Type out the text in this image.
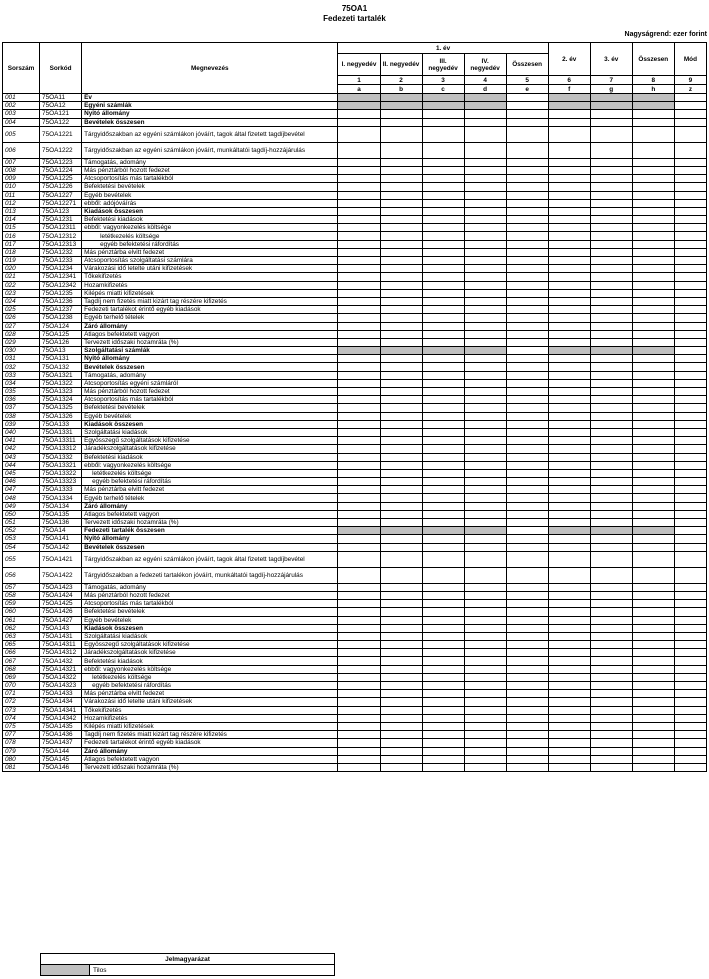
75OA1
Fedezeti tartalék
Nagyságrend: ezer forint
Sorszám	Sorkód	Megnevezés	1. év					2. év	3. év	Összesen	Mód
			I. negyedév	II. negyedév	III. negyedév	IV. negyedév	Összesen				
			1	2	3	4	5	6	7	8	9
			a	b	c	d	e	f	g	h	z
001	75OA11	Év									
002	75OA12	Egyéni számlák									
003	75OA121	Nyitó állomány									
004	75OA122	Bevételek összesen									
005	75OA1221	Tárgyidőszakban az egyéni számlákon jóváírt, tagok által fizetett tagdíjbevétel									
006	75OA1222	Tárgyidőszakban az egyéni számlákon jóváírt, munkáltatói tagdíj-hozzájárulás									
007	75OA1223	Támogatás, adomány									
008	75OA1224	Más pénztárból hozott fedezet									
009	75OA1225	Átcsoportosítás más tartalékból									
010	75OA1226	Befektetési bevételek									
011	75OA1227	Egyéb bevételek									
012	75OA12271	ebből: adójóváírás									
013	75OA123	Kiadások összesen									
014	75OA1231	Befektetési kiadások									
015	75OA12311	ebből: vagyonkezelés költsége									
016	75OA12312	letétkezelés költsége									
017	75OA12313	egyéb befektetési ráfordítás									
018	75OA1232	Más pénztárba elvitt fedezet									
019	75OA1233	Átcsoportosítás szolgáltatási számlára									
020	75OA1234	Várakozási idő letelte utáni kifizetések									
021	75OA12341	Tőkekifizetés									
022	75OA12342	Hozamkifizetés									
023	75OA1235	Kilépés miatti kifizetések									
024	75OA1236	Tagdíj nem fizetés miatt kizárt tag részére kifizetés									
025	75OA1237	Fedezeti tartalékot érintő egyéb kiadások									
026	75OA1238	Egyéb terhelő tételek									
027	75OA124	Záró állomány									
028	75OA125	Átlagos befektetett vagyon									
029	75OA126	Tervezett időszaki hozamráta (%)									
030	75OA13	Szolgáltatási számlák									
031	75OA131	Nyitó állomány									
032	75OA132	Bevételek összesen									
033	75OA1321	Támogatás, adomány									
034	75OA1322	Átcsoportosítás egyéni számláról									
035	75OA1323	Más pénztárból hozott fedezet									
036	75OA1324	Átcsoportosítás más tartalékból									
037	75OA1325	Befektetési bevételek									
038	75OA1326	Egyéb bevételek									
039	75OA133	Kiadások összesen									
040	75OA1331	Szolgáltatási kiadások									
041	75OA13311	Egyösszegű szolgáltatások kifizetése									
042	75OA13312	Járadékszolgáltatások kifizetése									
043	75OA1332	Befektetési kiadások									
044	75OA13321	ebből: vagyonkezelés költsége									
045	75OA13322	letétkezelés költsége									
046	75OA13323	egyéb befektetési ráfordítás									
047	75OA1333	Más pénztárba elvitt fedezet									
048	75OA1334	Egyéb terhelő tételek									
049	75OA134	Záró állomány									
050	75OA135	Átlagos befektetett vagyon									
051	75OA136	Tervezett időszaki hozamráta (%)									
052	75OA14	Fedezeti tartalék összesen									
053	75OA141	Nyitó állomány									
054	75OA142	Bevételek összesen									
055	75OA1421	Tárgyidőszakban az egyéni számlákon jóváírt, tagok által fizetett tagdíjbevétel									
056	75OA1422	Tárgyidőszakban a fedezeti tartalékon jóváírt, munkáltatói tagdíj-hozzájárulás									
057	75OA1423	Támogatás, adomány									
058	75OA1424	Más pénztárból hozott fedezet									
059	75OA1425	Átcsoportosítás más tartalékból									
060	75OA1426	Befektetési bevételek									
061	75OA1427	Egyéb bevételek									
062	75OA143	Kiadások összesen									
063	75OA1431	Szolgáltatási kiadások									
065	75OA14311	Egyösszegű szolgáltatások kifizetése									
066	75OA14312	Járadékszolgáltatások kifizetése									
067	75OA1432	Befektetési kiadások									
068	75OA14321	ebből: vagyonkezelés költsége									
069	75OA14322	letétkezelés költsége									
070	75OA14323	egyéb befektetési ráfordítás									
071	75OA1433	Más pénztárba elvitt fedezet									
072	75OA1434	Várakozási idő letelte utáni kifizetések									
073	75OA14341	Tőkekifizetés									
074	75OA14342	Hozamkifizetés									
075	75OA1435	Kilépés miatti kifizetések									
077	75OA1436	Tagdíj nem fizetés miatt kizárt tag részére kifizetés									
078	75OA1437	Fedezeti tartalékot érintő egyéb kiadások									
079	75OA144	Záró állomány									
080	75OA145	Átlagos befektetett vagyon									
081	75OA146	Tervezett időszaki hozamráta (%)									
Jelmagyarázat
	Tilos
